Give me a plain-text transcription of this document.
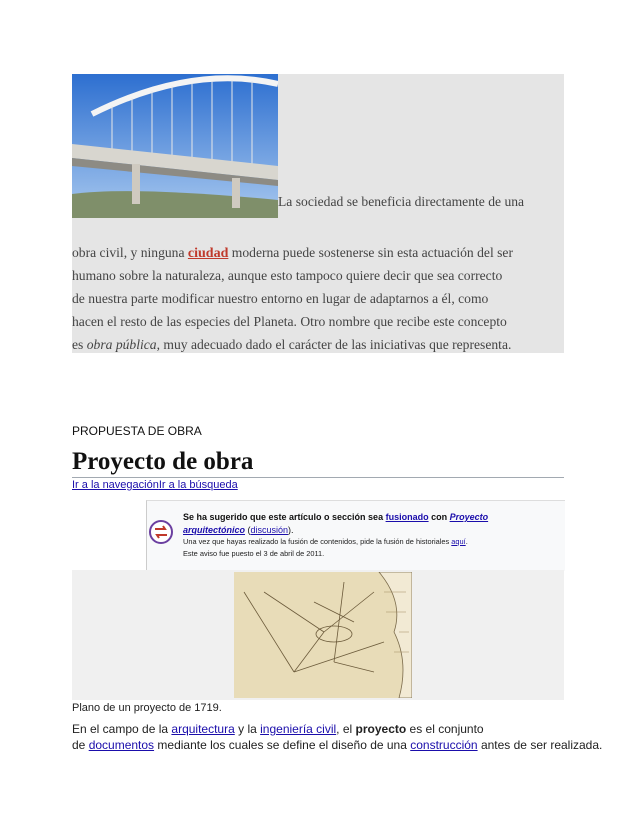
La sociedad se beneficia directamente de una
obra civil, y ninguna ciudad moderna puede sostenerse sin esta actuación del ser
humano sobre la naturaleza, aunque esto tampoco quiere decir que sea correcto
de nuestra parte modificar nuestro entorno en lugar de adaptarnos a él, como
hacen el resto de las especies del Planeta. Otro nombre que recibe este concepto
es obra pública, muy adecuado dado el carácter de las iniciativas que representa.
PROPUESTA DE OBRA
Proyecto de obra
Ir a la navegaciónIr a la búsqueda
Se ha sugerido que este artículo o sección sea fusionado con Proyecto arquitectónico (discusión).
Una vez que hayas realizado la fusión de contenidos, pide la fusión de historiales aquí.
Este aviso fue puesto el 3 de abril de 2011.
Plano de un proyecto de 1719.
En el campo de la arquitectura y la ingeniería civil, el proyecto es el conjunto
de documentos mediante los cuales se define el diseño de una construcción antes de ser realizada.
